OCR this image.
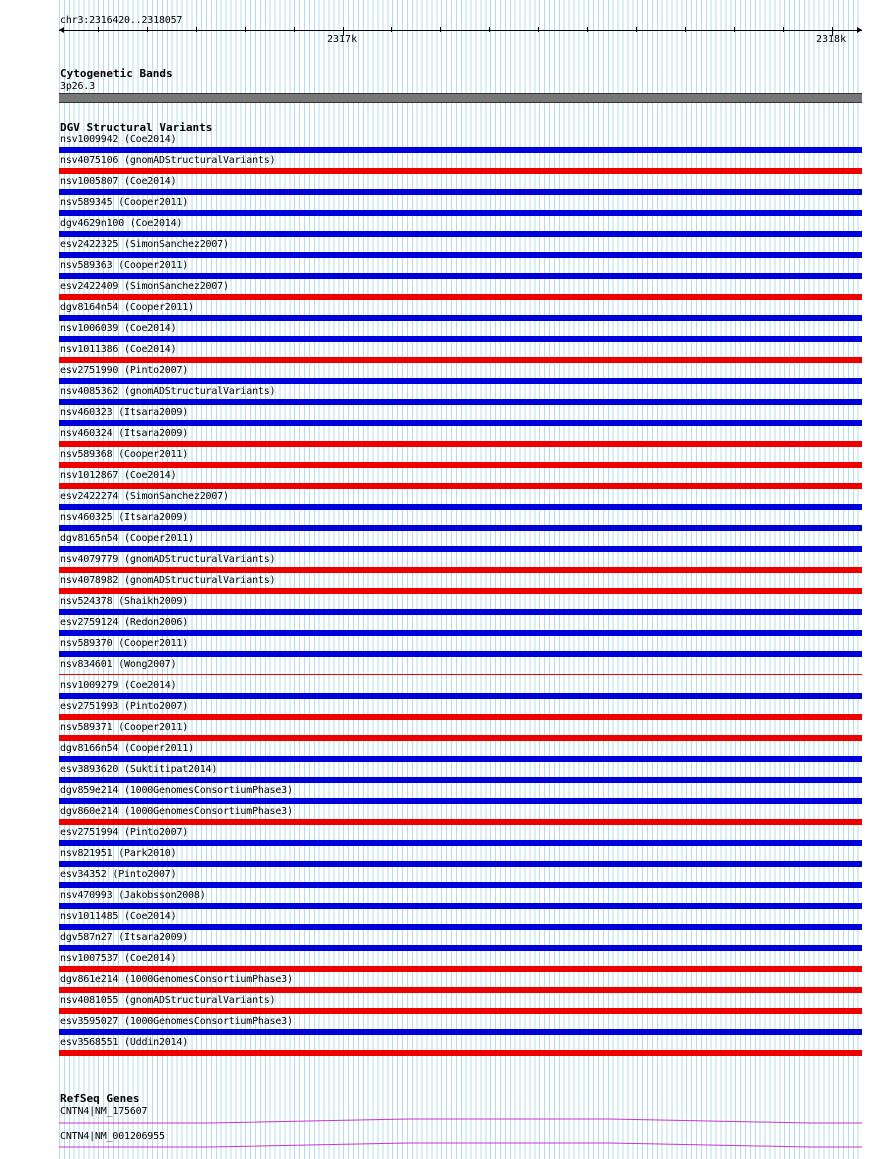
chr3:2316420..2318057
2317k	2318k
Cytogenetic Bands
3p26.3
DGV Structural Variants
nsv1009942 (Coe2014)
nsv4075106 (gnomADStructuralVariants)
nsv1005807 (Coe2014)
nsv589345 (Cooper2011)
dgv4629n100 (Coe2014)
esv2422325 (SimonSanchez2007)
nsv589363 (Cooper2011)
esv2422409 (SimonSanchez2007)
dgv8164n54 (Cooper2011)
nsv1006039 (Coe2014)
nsv1011386 (Coe2014)
esv2751990 (Pinto2007)
nsv4085362 (gnomADStructuralVariants)
nsv460323 (Itsara2009)
nsv460324 (Itsara2009)
nsv589368 (Cooper2011)
nsv1012867 (Coe2014)
esv2422274 (SimonSanchez2007)
nsv460325 (Itsara2009)
dgv8165n54 (Cooper2011)
nsv4079779 (gnomADStructuralVariants)
nsv4078982 (gnomADStructuralVariants)
nsv524378 (Shaikh2009)
esv2759124 (Redon2006)
nsv589370 (Cooper2011)
nsv834601 (Wong2007)
nsv1009279 (Coe2014)
esv2751993 (Pinto2007)
nsv589371 (Cooper2011)
dgv8166n54 (Cooper2011)
esv3893620 (Suktitipat2014)
dgv859e214 (1000GenomesConsortiumPhase3)
dgv860e214 (1000GenomesConsortiumPhase3)
esv2751994 (Pinto2007)
nsv821951 (Park2010)
esv34352 (Pinto2007)
nsv470993 (Jakobsson2008)
nsv1011485 (Coe2014)
dgv587n27 (Itsara2009)
nsv1007537 (Coe2014)
dgv861e214 (1000GenomesConsortiumPhase3)
nsv4081055 (gnomADStructuralVariants)
esv3595027 (1000GenomesConsortiumPhase3)
esv3568551 (Uddin2014)
RefSeq Genes
CNTN4|NM_175607
CNTN4|NM_001206955
